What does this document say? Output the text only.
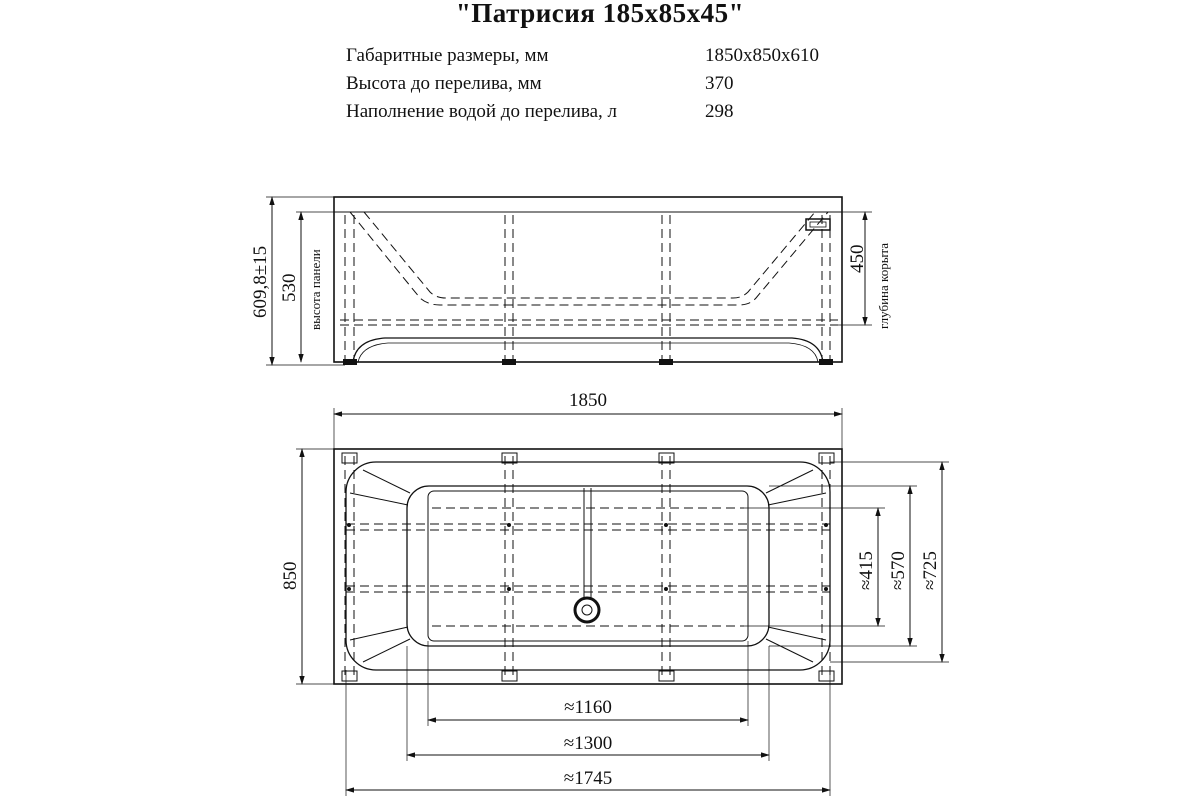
"Патрисия 185x85x45"
Габаритные размеры, мм	1850x850x610
Высота до перелива, мм	370
Наполнение водой до перелива, л	298
609,8±15 530 высота панели	450 глубина корыта
1850
850	≈415 ≈570 ≈725
≈1160
≈1300
≈1745
